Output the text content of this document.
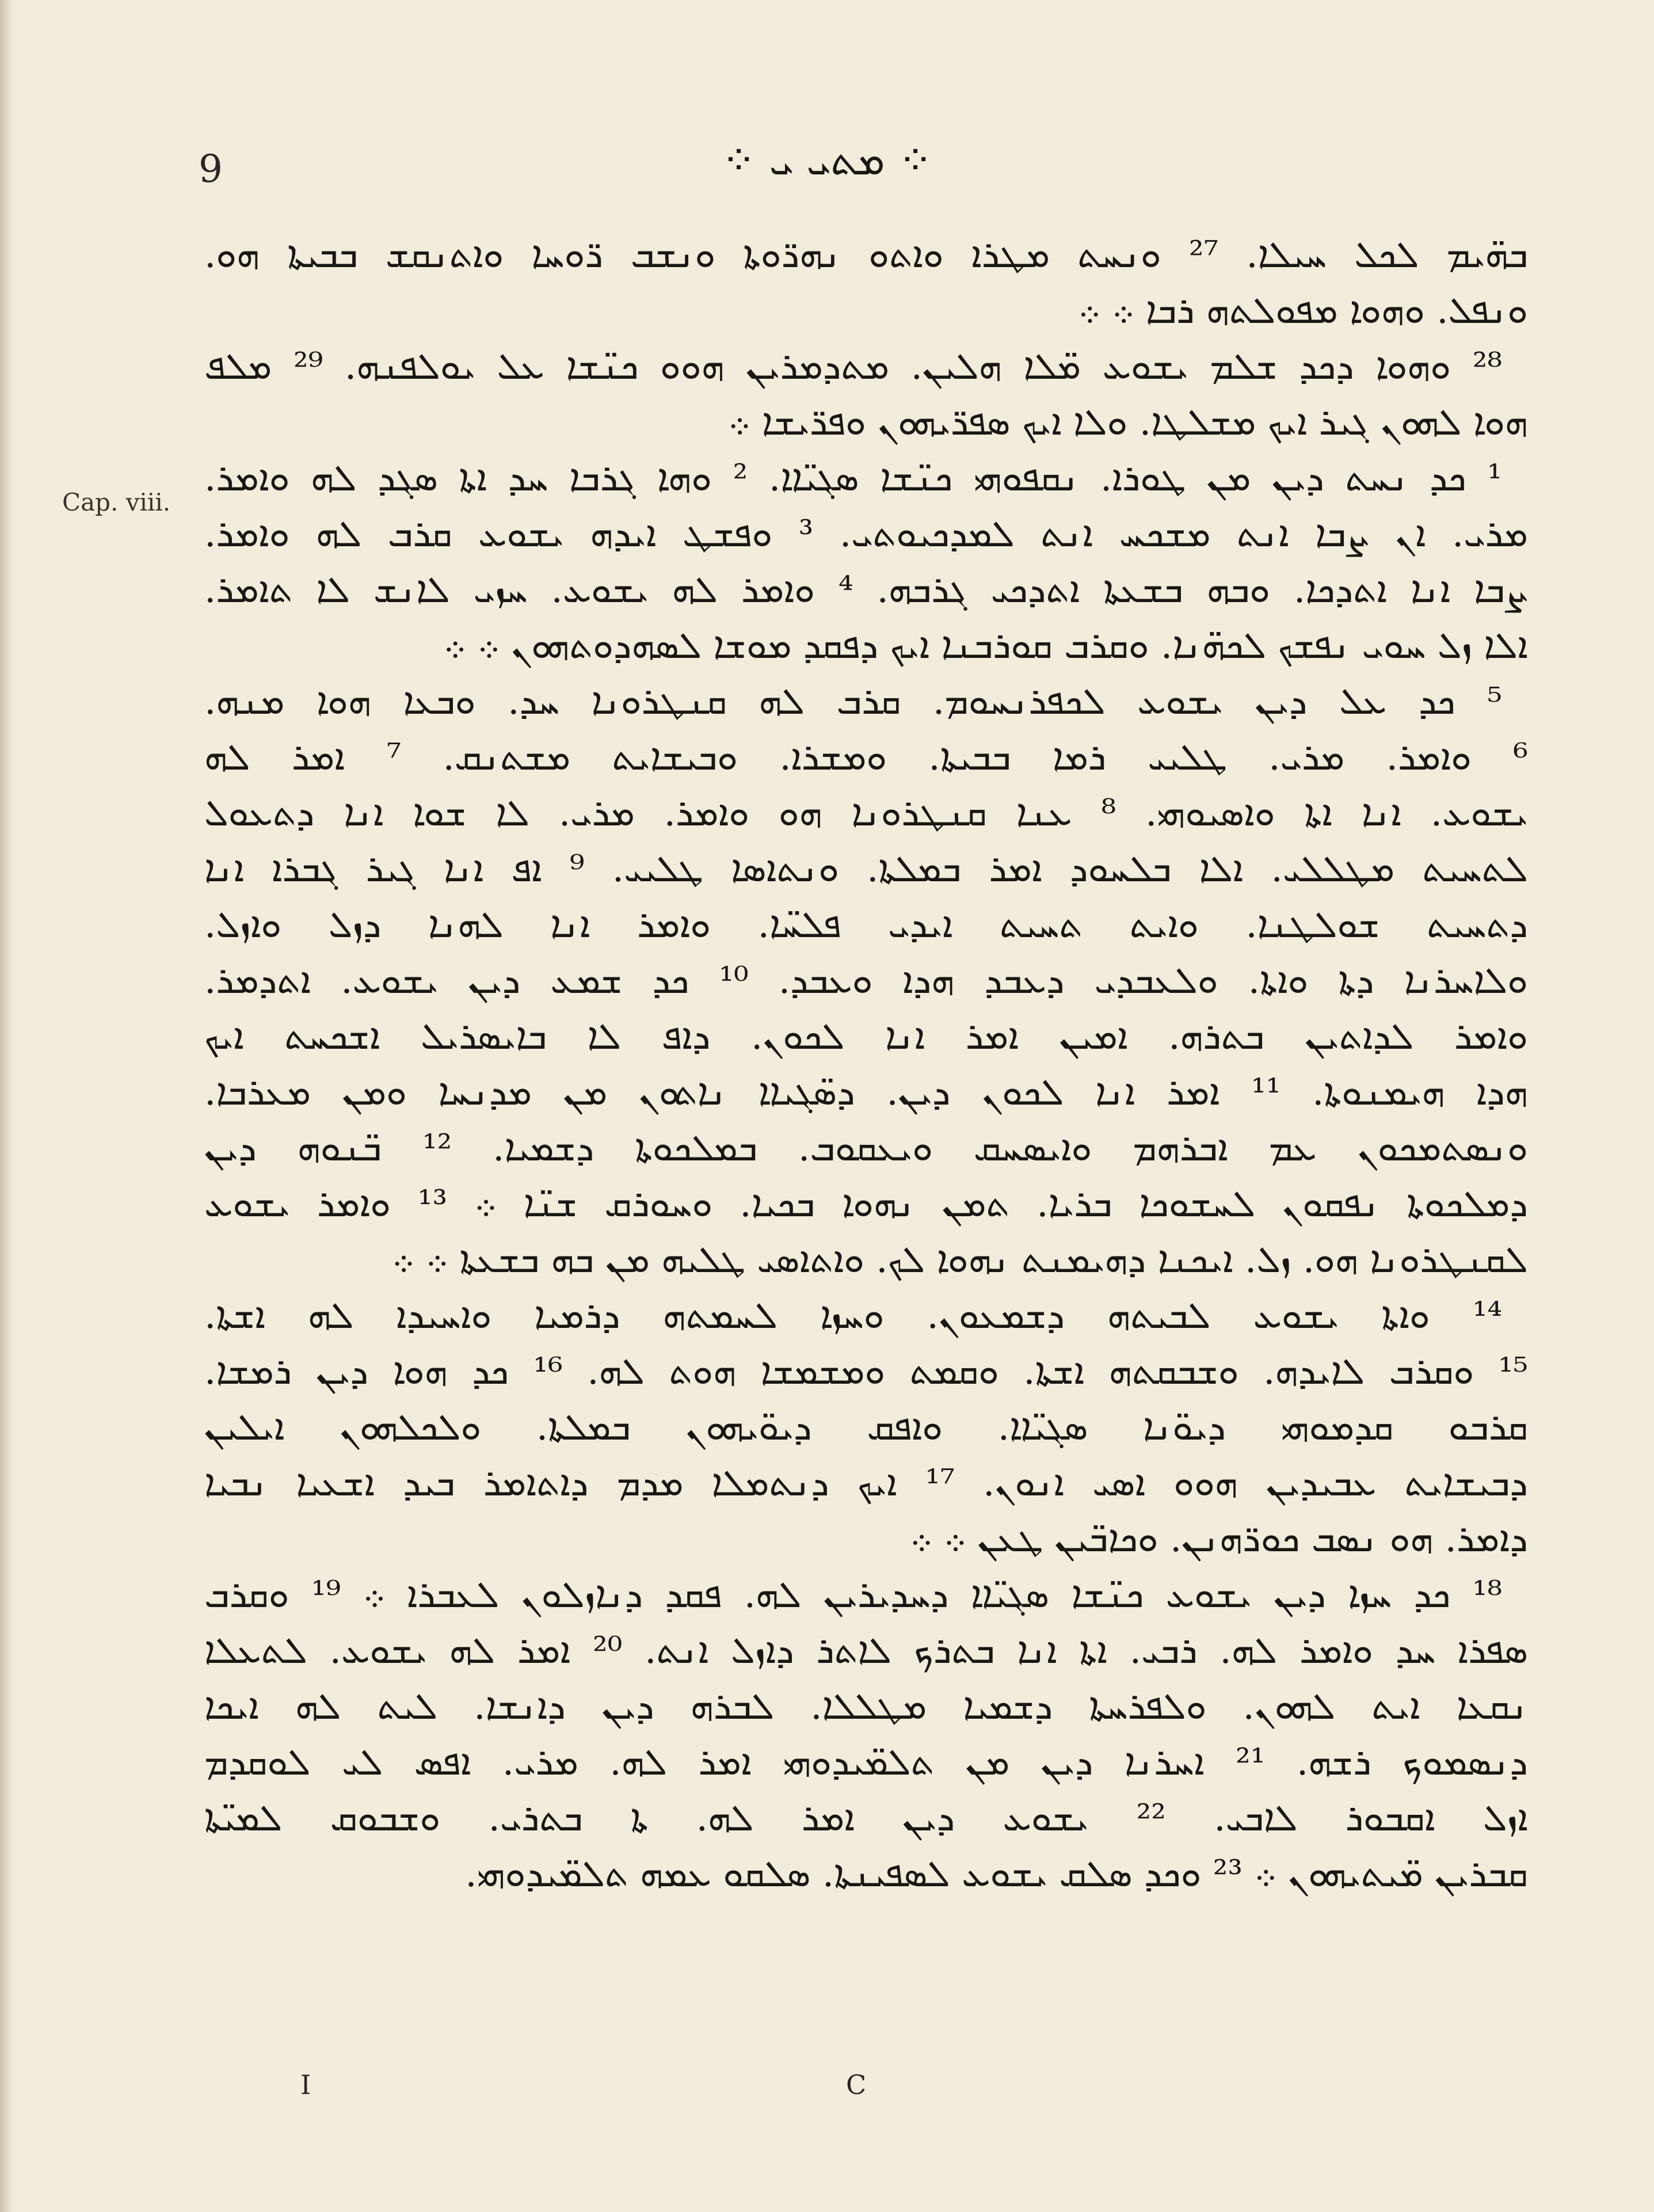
9	⁘ ܡܬܝ ܝ ⁘
Cap. viii.
ܒܗ̈ܝܡ ܠܟܠ ܚܝܠܐ. ²⁷ ܘܢܚܬ ܡܛܪܐ ܘܐܬܘ ܢܗܪ̈ܘܬܐ ܘܢܫܒ ܪ̈ܘܚܐ ܘܐܬܢܩܫ ܒܒܝܬܐ ܗܘ.
ܘܢܦܠ. ܘܗܘܐ ܡܦܘܠܬܗ ܪܒܐ ܀ ܀
²⁸ ܘܗܘܐ ܕܟܕ ܫܠܡ ܝܫܘܥ ܡ̈ܠܐ ܗܠܝܢ. ܡܬܕܡܪܝܢ ܗܘܘ ܟܢ̈ܫܐ ܥܠ ܝܘܠܦܢܗ. ²⁹ ܡܠܦ
ܗܘܐ ܠܗܘܢ ܓܝܪ ܐܝܟ ܡܫܠܛܐ. ܘܠܐ ܐܝܟ ܣܦܪ̈ܝܗܘܢ ܘܦܪ̈ܝܫܐ ܀
¹ ܟܕ ܢܚܬ ܕܝܢ ܡܢ ܛܘܪܐ. ܢܩܦܘܗܝ ܟܢ̈ܫܐ ܣܓܝ̈ܐܐ. ² ܘܗܐ ܓܪܒܐ ܚܕ ܐܬܐ ܣܓܕ ܠܗ ܘܐܡܪ.
ܡܪܝ. ܐܢ ܨܒܐ ܐܢܬ ܡܫܟܚ ܐܢܬ ܠܡܕܟܝܘܬܝ. ³ ܘܦܫܛ ܐܝܕܗ ܝܫܘܥ ܩܪܒ ܠܗ ܘܐܡܪ.
ܨܒܐ ܐܢܐ ܐܬܕܟܐ. ܘܒܗ ܒܫܥܬܐ ܐܬܕܟܝ ܓܪܒܗ. ⁴ ܘܐܡܪ ܠܗ ܝܫܘܥ. ܚܙܝ ܠܐܢܫ ܠܐ ܬܐܡܪ.
ܐܠܐ ܙܠ ܚܘܝ ܢܦܫܟ ܠܟܗ̈ܢܐ. ܘܩܪܒ ܩܘܪܒܢܐ ܐܝܟ ܕܦܩܕ ܡܘܫܐ ܠܣܗܕܘܬܗܘܢ ܀ ܀
⁵ ܟܕ ܥܠ ܕܝܢ ܝܫܘܥ ܠܟܦܪܢܚܘܡ. ܩܪܒ ܠܗ ܩܢܛܪܘܢܐ ܚܕ. ܘܒܥܐ ܗܘܐ ܡܢܗ.
⁶ ܘܐܡܪ. ܡܪܝ. ܛܠܝܝ ܪܡܐ ܒܒܝܬܐ. ܘܡܫܪܐ. ܘܒܝܫܐܝܬ ܡܫܬܢܩ. ⁷ ܐܡܪ ܠܗ
ܝܫܘܥ. ܐܢܐ ܐܬܐ ܘܐܣܝܘܗܝ. ⁸ ܥܢܐ ܩܢܛܪܘܢܐ ܗܘ ܘܐܡܪ. ܡܪܝ. ܠܐ ܫܘܐ ܐܢܐ ܕܬܥܘܠ
ܠܬܚܝܬ ܡܛܠܠܝ. ܐܠܐ ܒܠܚܘܕ ܐܡܪ ܒܡܠܬܐ. ܘܢܬܐܣܐ ܛܠܝܝ. ⁹ ܐܦ ܐܢܐ ܓܝܪ ܓܒܪܐ ܐܢܐ
ܕܬܚܝܬ ܫܘܠܛܢܐ. ܘܐܝܬ ܬܚܝܬ ܐܝܕܝ ܦܠܚ̈ܐ. ܘܐܡܪ ܐܢܐ ܠܗܢܐ ܕܙܠ ܘܐܙܠ.
ܘܠܐܚܪܢܐ ܕܬܐ ܘܐܬܐ. ܘܠܥܒܕܝ ܕܥܒܕ ܗܕܐ ܘܥܒܕ. ¹⁰ ܟܕ ܫܡܥ ܕܝܢ ܝܫܘܥ. ܐܬܕܡܪ.
ܘܐܡܪ ܠܕܐܬܝܢ ܒܬܪܗ. ܐܡܝܢ ܐܡܪ ܐܢܐ ܠܟܘܢ. ܕܐܦ ܠܐ ܒܐܝܣܪܝܠ ܐܫܟܚܬ ܐܝܟ
ܗܕܐ ܗܝܡܢܘܬܐ. ¹¹ ܐܡܪ ܐܢܐ ܠܟܘܢ ܕܝܢ. ܕܣ̈ܓܝܐܐ ܢܐܬܘܢ ܡܢ ܡܕܢܚܐ ܘܡܢ ܡܥܪܒܐ.
ܘܢܣܬܡܟܘܢ ܥܡ ܐܒܪܗܡ ܘܐܝܣܚܩ ܘܝܥܩܘܒ. ܒܡܠܟܘܬܐ ܕܫܡܝܐ. ¹² ܒ̈ܢܘܗ ܕܝܢ
ܕܡܠܟܘܬܐ ܢܦܩܘܢ ܠܚܫܘܟܐ ܒܪܝܐ. ܬܡܢ ܢܗܘܐ ܒܟܝܐ. ܘܚܘܪܩ ܫܢ̈ܐ ܀ ¹³ ܘܐܡܪ ܝܫܘܥ
ܠܩܢܛܪܘܢܐ ܗܘ. ܙܠ. ܐܝܟܢܐ ܕܗܝܡܢܬ ܢܗܘܐ ܠܟ. ܘܐܬܐܣܝ ܛܠܝܗ ܡܢ ܒܗ ܒܫܥܬܐ ܀ ܀
¹⁴ ܘܐܬܐ ܝܫܘܥ ܠܒܝܬܗ ܕܫܡܥܘܢ. ܘܚܙܐ ܠܚܡܬܗ ܕܪܡܝܐ ܘܐܚܝܕܐ ܠܗ ܐܫܬܐ.
¹⁵ ܘܩܪܒ ܠܐܝܕܗ. ܘܫܒܩܬܗ ܐܫܬܐ. ܘܩܡܬ ܘܡܫܡܫܐ ܗܘܬ ܠܗ. ¹⁶ ܟܕ ܗܘܐ ܕܝܢ ܪܡܫܐ.
ܩܪܒܘ ܩܕܡܘܗܝ ܕܝܘ̈ܢܐ ܣܓܝ̈ܐܐ. ܘܐܦܩ ܕܝܘ̈ܝܗܘܢ ܒܡܠܬܐ. ܘܠܟܠܗܘܢ ܐܝܠܝܢ
ܕܒܝܫܐܝܬ ܥܒܝܕܝܢ ܗܘܘ ܐܣܝ ܐܢܘܢ. ¹⁷ ܐܝܟ ܕܢܬܡܠܐ ܡܕܡ ܕܐܬܐܡܪ ܒܝܕ ܐܫܥܝܐ ܢܒܝܐ
ܕܐܡܪ. ܗܘ ܢܣܒ ܟܘܪ̈ܗܢܢ. ܘܟܐܒ̈ܝܢ ܛܥܢ ܀ ܀
¹⁸ ܟܕ ܚܙܐ ܕܝܢ ܝܫܘܥ ܟܢ̈ܫܐ ܣܓܝ̈ܐܐ ܕܚܕܝܪܝܢ ܠܗ. ܦܩܕ ܕܢܐܙܠܘܢ ܠܥܒܪܐ ܀ ¹⁹ ܘܩܪܒ
ܣܦܪܐ ܚܕ ܘܐܡܪ ܠܗ. ܪܒܝ. ܐܬܐ ܐܢܐ ܒܬܪܟ ܠܐܬܪ ܕܐܙܠ ܐܢܬ. ²⁰ ܐܡܪ ܠܗ ܝܫܘܥ. ܠܬܥܠܐ
ܢܩܥܐ ܐܝܬ ܠܗܘܢ. ܘܠܦܪܚܬܐ ܕܫܡܝܐ ܡܛܠܠܐ. ܠܒܪܗ ܕܝܢ ܕܐܢܫܐ. ܠܝܬ ܠܗ ܐܝܟܐ
ܕܢܣܡܘܟ ܪܫܗ. ²¹ ܐܚܪܢܐ ܕܝܢ ܡܢ ܬܠܡ̈ܝܕܘܗܝ ܐܡܪ ܠܗ. ܡܪܝ. ܐܦܣ ܠܝ ܠܘܩܕܡ
ܐܙܠ ܐܩܒܘܪ ܠܐܒܝ. ²² ܝܫܘܥ ܕܝܢ ܐܡܪ ܠܗ. ܬܐ ܒܬܪܝ. ܘܫܒܘܩ ܠܡܝ̈ܬܐ
ܩܒܪܝܢ ܡ̈ܝܬܝܗܘܢ ܀ ²³ ܘܟܕ ܣܠܩ ܝܫܘܥ ܠܣܦܝܢܬܐ. ܣܠܩܘ ܥܡܗ ܬܠܡ̈ܝܕܘܗܝ.
I	C
